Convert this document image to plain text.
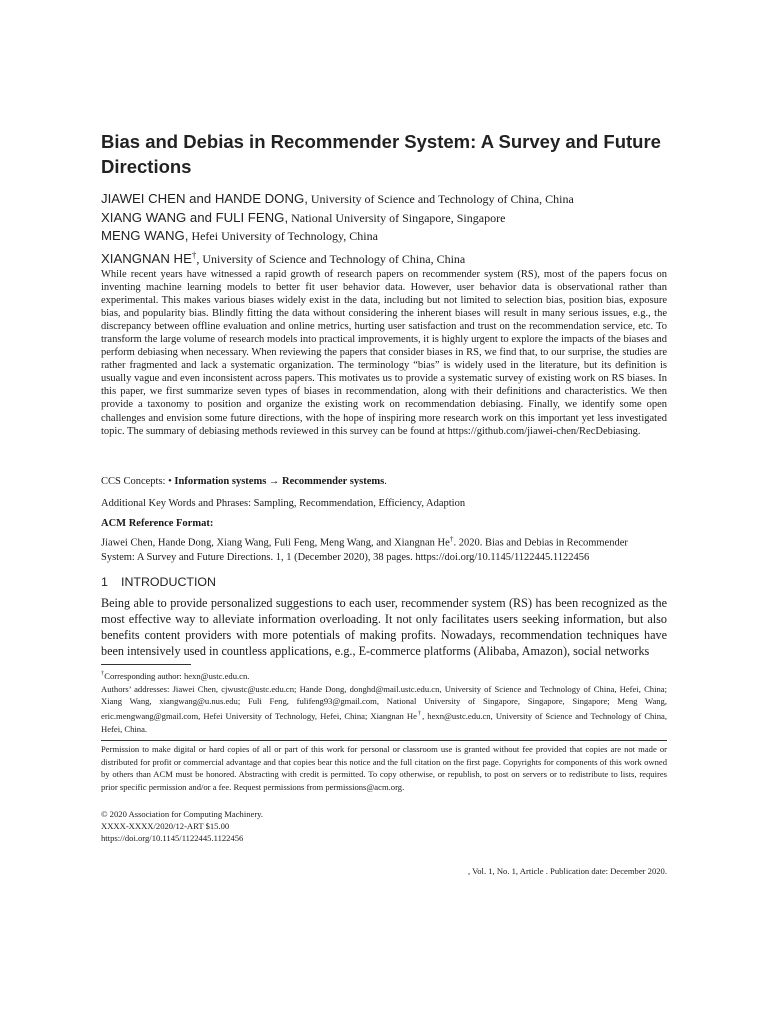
Bias and Debias in Recommender System: A Survey and Future Directions
JIAWEI CHEN and HANDE DONG, University of Science and Technology of China, China
XIANG WANG and FULI FENG, National University of Singapore, Singapore
MENG WANG, Hefei University of Technology, China
XIANGNAN HE†, University of Science and Technology of China, China

While recent years have witnessed a rapid growth of research papers on recommender system (RS), most of the papers focus on inventing machine learning models to better fit user behavior data. However, user behavior data is observational rather than experimental. This makes various biases widely exist in the data, including but not limited to selection bias, position bias, exposure bias, and popularity bias. Blindly fitting the data without considering the inherent biases will result in many serious issues, e.g., the discrepancy between offline evaluation and online metrics, hurting user satisfaction and trust on the recommendation service, etc. To transform the large volume of research models into practical improvements, it is highly urgent to explore the impacts of the biases and perform debiasing when necessary. When reviewing the papers that consider biases in RS, we find that, to our surprise, the studies are rather fragmented and lack a systematic organization. The terminology “bias” is widely used in the literature, but its definition is usually vague and even inconsistent across papers. This motivates us to provide a systematic survey of existing work on RS biases. In this paper, we first summarize seven types of biases in recommendation, along with their definitions and characteristics. We then provide a taxonomy to position and organize the existing work on recommendation debiasing. Finally, we identify some open challenges and envision some future directions, with the hope of inspiring more research work on this important yet less investigated topic. The summary of debiasing methods reviewed in this survey can be found at https://github.com/jiawei-chen/RecDebiasing.

CCS Concepts: • Information systems → Recommender systems.
Additional Key Words and Phrases: Sampling, Recommendation, Efficiency, Adaption
ACM Reference Format:
Jiawei Chen, Hande Dong, Xiang Wang, Fuli Feng, Meng Wang, and Xiangnan He†. 2020. Bias and Debias in Recommender
System: A Survey and Future Directions. 1, 1 (December 2020), 38 pages. https://doi.org/10.1145/1122445.1122456
1 INTRODUCTION

Being able to provide personalized suggestions to each user, recommender system (RS) has been recognized as the most effective way to alleviate information overloading. It not only facilitates users seeking information, but also benefits content providers with more potentials of making profits. Nowadays, recommendation techniques have been intensively used in countless applications, e.g., E-commerce platforms (Alibaba, Amazon), social networks

†Corresponding author: hexn@ustc.edu.cn.

Authors’ addresses: Jiawei Chen, cjwustc@ustc.edu.cn; Hande Dong, donghd@mail.ustc.edu.cn, University of Science and Technology of China, Hefei, China; Xiang Wang, xiangwang@u.nus.edu; Fuli Feng, fulifeng93@gmail.com, National University of Singapore, Singapore, Singapore; Meng Wang, eric.mengwang@gmail.com, Hefei University of Technology, Hefei, China; Xiangnan He†, hexn@ustc.edu.cn, University of Science and Technology of China, Hefei, China.

Permission to make digital or hard copies of all or part of this work for personal or classroom use is granted without fee provided that copies are not made or distributed for profit or commercial advantage and that copies bear this notice and the full citation on the first page. Copyrights for components of this work owned by others than ACM must be honored. Abstracting with credit is permitted. To copy otherwise, or republish, to post on servers or to redistribute to lists, requires prior specific permission and/or a fee. Request permissions from permissions@acm.org.

© 2020 Association for Computing Machinery.
XXXX-XXXX/2020/12-ART $15.00
https://doi.org/10.1145/1122445.1122456
, Vol. 1, No. 1, Article . Publication date: December 2020.
